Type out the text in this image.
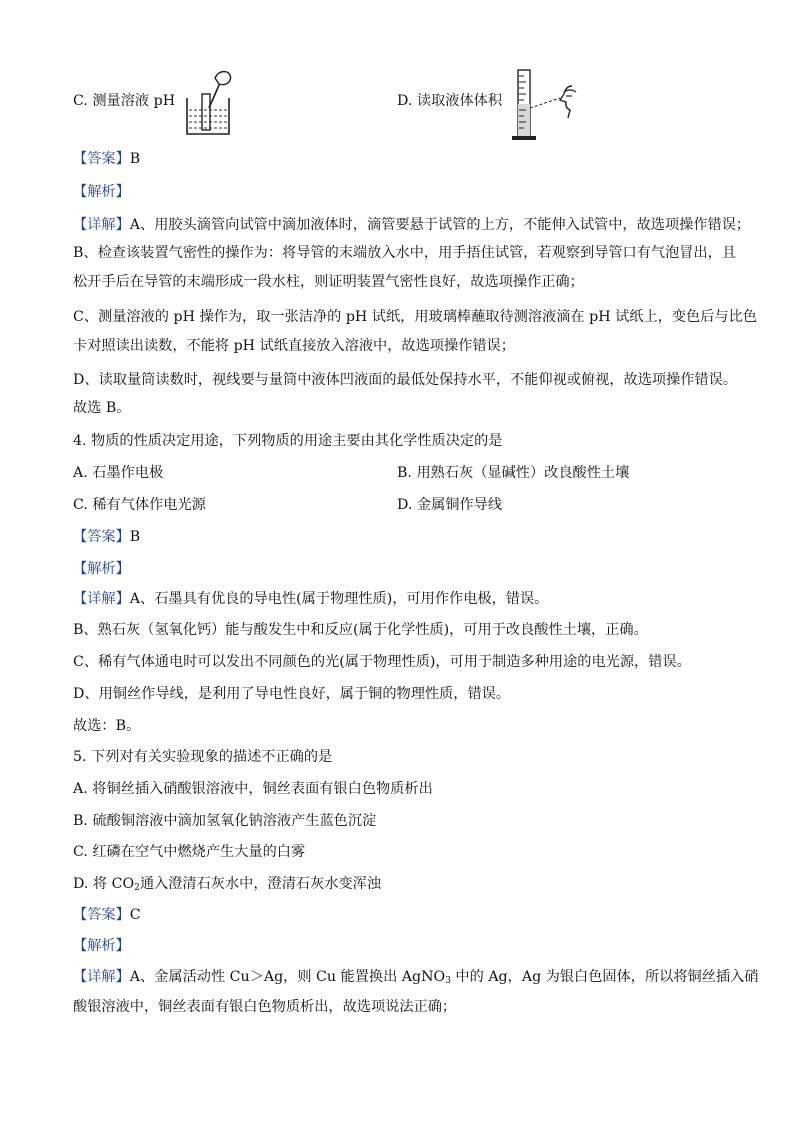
C. 测量溶液 pH	D. 读取液体体积
【答案】B
【解析】
【详解】A、用胶头滴管向试管中滴加液体时，滴管要悬于试管的上方，不能伸入试管中，故选项操作错误；
B、检查该装置气密性的操作为：将导管的末端放入水中，用手捂住试管，若观察到导管口有气泡冒出，且
松开手后在导管的末端形成一段水柱，则证明装置气密性良好，故选项操作正确；
C、测量溶液的 pH 操作为，取一张洁净的 pH 试纸，用玻璃棒蘸取待测溶液滴在 pH 试纸上，变色后与比色
卡对照读出读数，不能将 pH 试纸直接放入溶液中，故选项操作错误；
D、读取量筒读数时，视线要与量筒中液体凹液面的最低处保持水平，不能仰视或俯视，故选项操作错误。
故选 B。
4. 物质的性质决定用途，下列物质的用途主要由其化学性质决定的是
A. 石墨作电极	B. 用熟石灰（显碱性）改良酸性土壤
C. 稀有气体作电光源	D. 金属铜作导线
【答案】B
【解析】
【详解】A、石墨具有优良的导电性(属于物理性质)，可用作作电极，错误。
B、熟石灰（氢氧化钙）能与酸发生中和反应(属于化学性质)，可用于改良酸性土壤，正确。
C、稀有气体通电时可以发出不同颜色的光(属于物理性质)，可用于制造多种用途的电光源，错误。
D、用铜丝作导线，是利用了导电性良好，属于铜的物理性质，错误。
故选：B。
5. 下列对有关实验现象的描述不正确的是
A. 将铜丝插入硝酸银溶液中，铜丝表面有银白色物质析出
B. 硫酸铜溶液中滴加氢氧化钠溶液产生蓝色沉淀
C. 红磷在空气中燃烧产生大量的白雾
D. 将 $CO_2$通入澄清石灰水中，澄清石灰水变浑浊
【答案】C
【解析】
【详解】A、金属活动性 Cu＞Ag，则 Cu 能置换出 AgNO$_3$ 中的 Ag，Ag 为银白色固体，所以将铜丝插入硝
酸银溶液中，铜丝表面有银白色物质析出，故选项说法正确；
